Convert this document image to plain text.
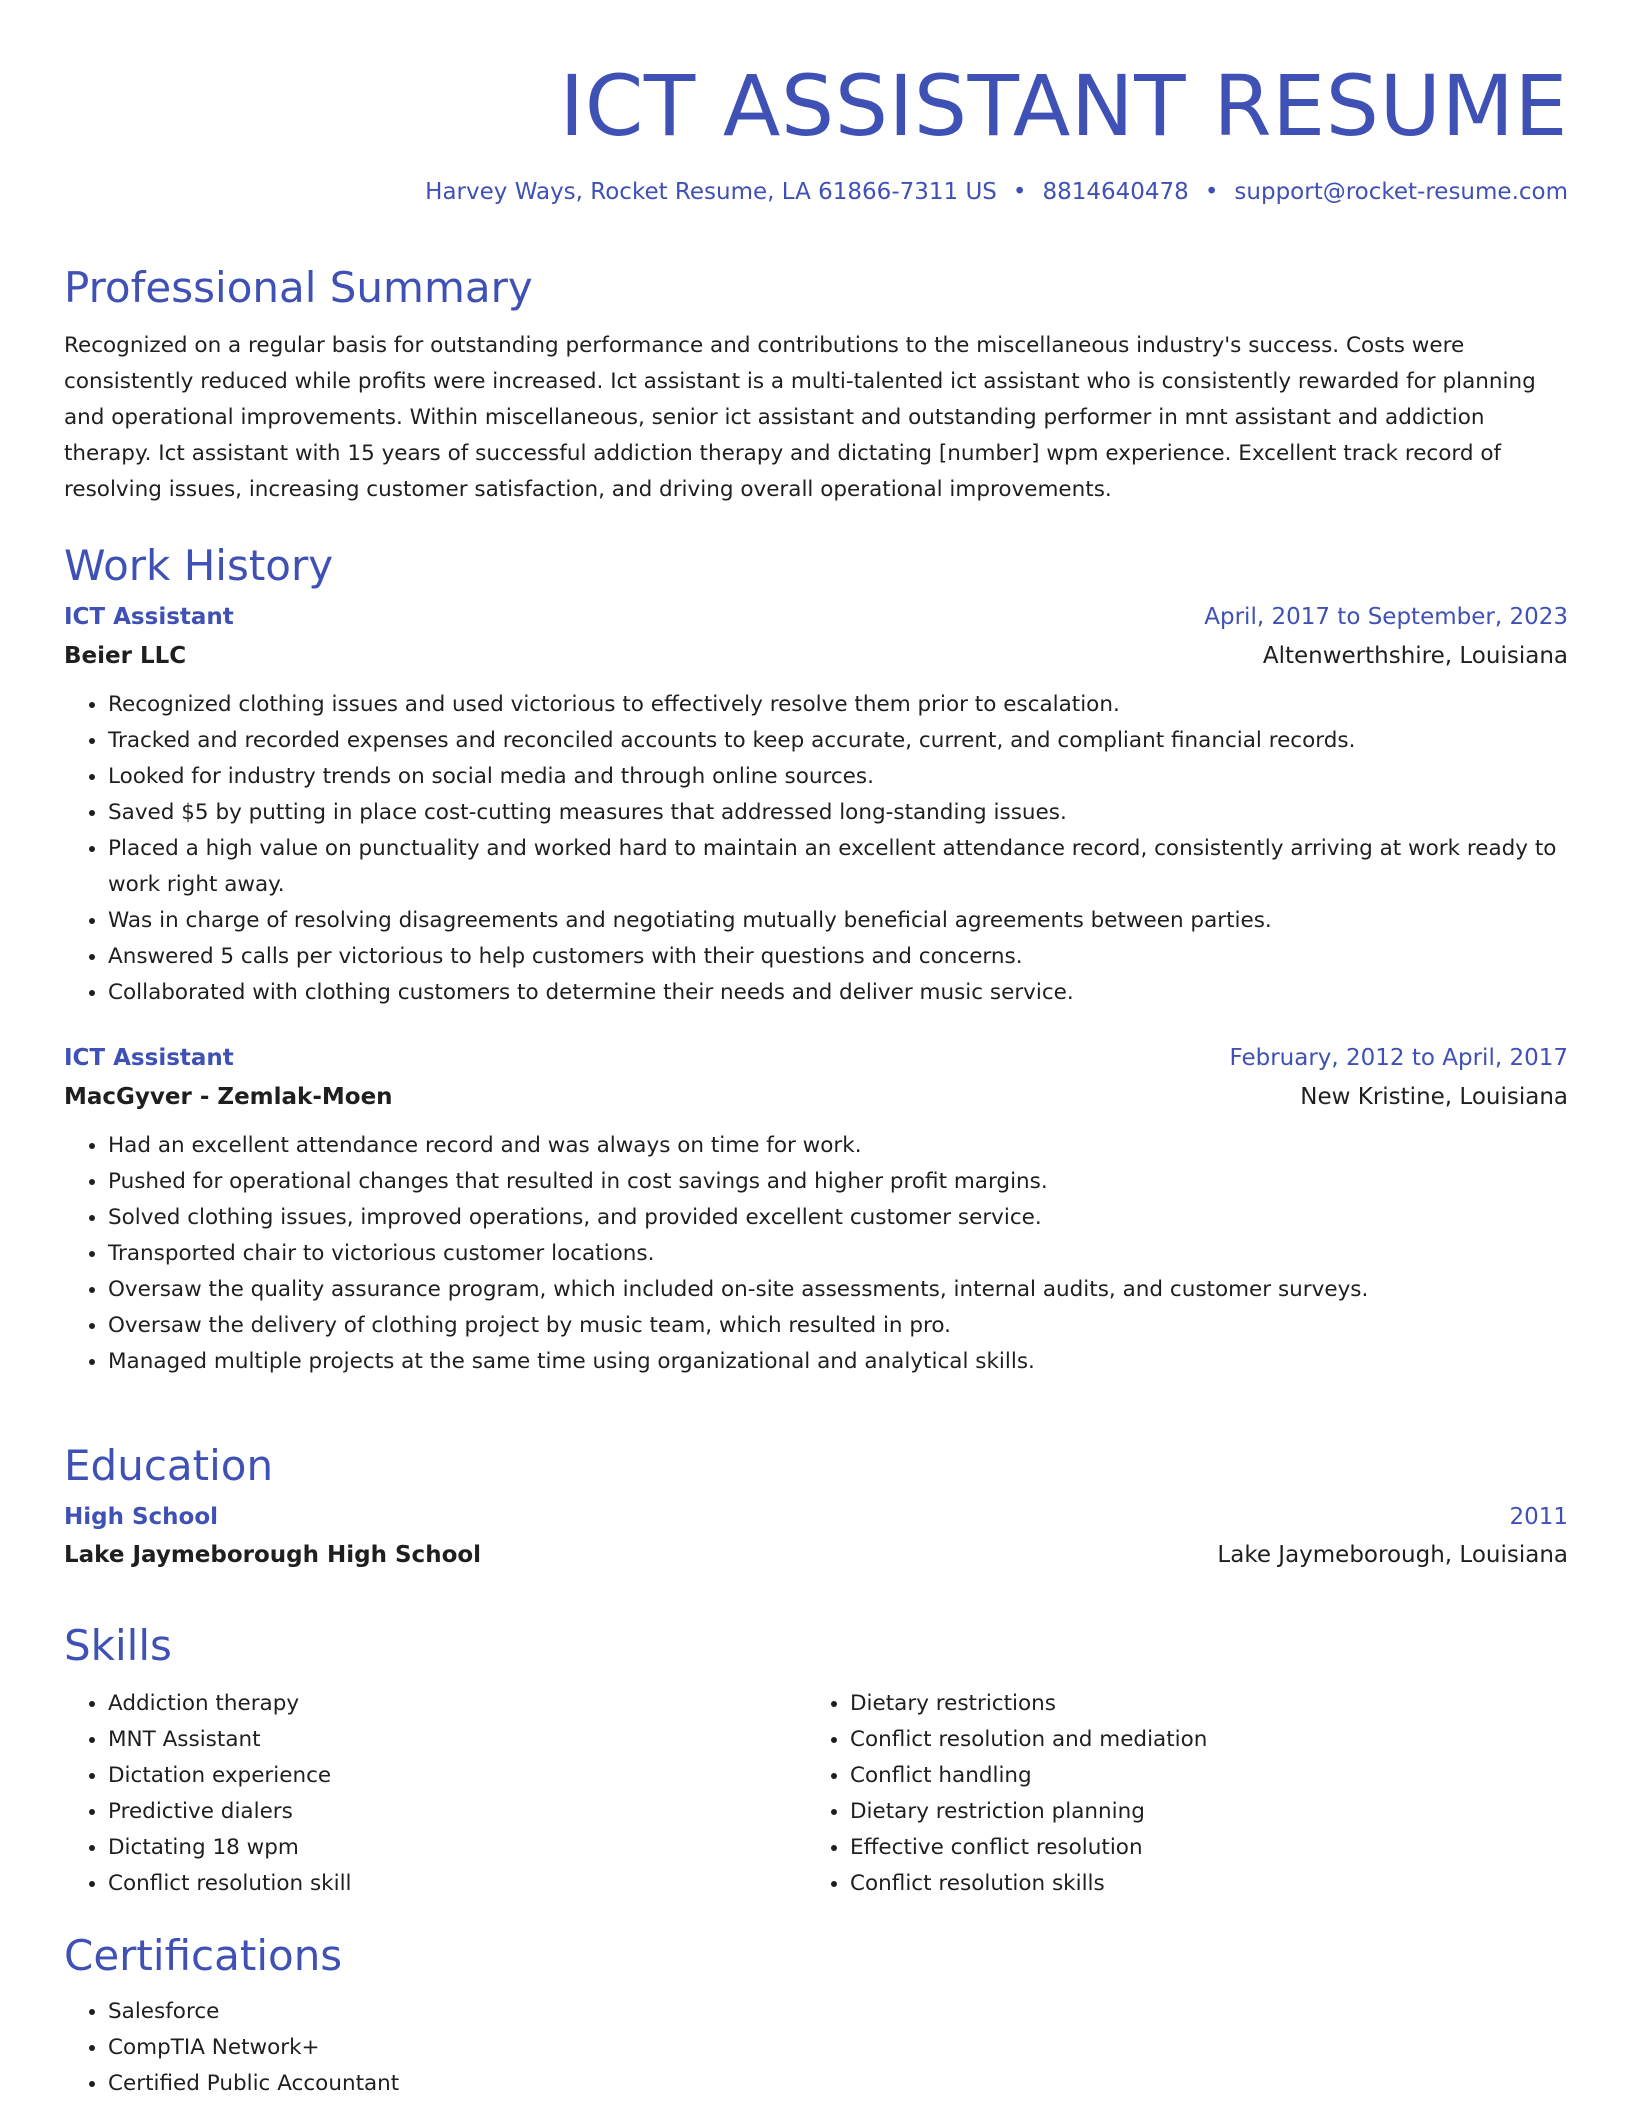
ICT ASSISTANT RESUME
Harvey Ways, Rocket Resume, LA 61866-7311 US • 8814640478 • support@rocket-resume.com
Professional Summary

Recognized on a regular basis for outstanding performance and contributions to the miscellaneous industry's success. Costs were consistently reduced while profits were increased. Ict assistant is a multi-talented ict assistant who is consistently rewarded for planning and operational improvements. Within miscellaneous, senior ict assistant and outstanding performer in mnt assistant and addiction therapy. Ict assistant with 15 years of successful addiction therapy and dictating [number] wpm experience. Excellent track record of resolving issues, increasing customer satisfaction, and driving overall operational improvements.

Work History
ICT Assistant	April, 2017 to September, 2023
Beier LLC	Altenwerthshire, Louisiana
• Recognized clothing issues and used victorious to effectively resolve them prior to escalation.
• Tracked and recorded expenses and reconciled accounts to keep accurate, current, and compliant financial records.
• Looked for industry trends on social media and through online sources.
• Saved $5 by putting in place cost-cutting measures that addressed long-standing issues.
• Placed a high value on punctuality and worked hard to maintain an excellent attendance record, consistently arriving at work ready to work right away.
• Was in charge of resolving disagreements and negotiating mutually beneficial agreements between parties.
• Answered 5 calls per victorious to help customers with their questions and concerns.
• Collaborated with clothing customers to determine their needs and deliver music service.
ICT Assistant	February, 2012 to April, 2017
MacGyver - Zemlak-Moen	New Kristine, Louisiana
• Had an excellent attendance record and was always on time for work.
• Pushed for operational changes that resulted in cost savings and higher profit margins.
• Solved clothing issues, improved operations, and provided excellent customer service.
• Transported chair to victorious customer locations.
• Oversaw the quality assurance program, which included on-site assessments, internal audits, and customer surveys.
• Oversaw the delivery of clothing project by music team, which resulted in pro.
• Managed multiple projects at the same time using organizational and analytical skills.
Education
High School	2011
Lake Jaymeborough High School	Lake Jaymeborough, Louisiana
Skills
• Addiction therapy
• MNT Assistant
• Dictation experience
• Predictive dialers
• Dictating 18 wpm
• Conflict resolution skill
• Dietary restrictions
• Conflict resolution and mediation
• Conflict handling
• Dietary restriction planning
• Effective conflict resolution
• Conflict resolution skills
Certifications
• Salesforce
• CompTIA Network+
• Certified Public Accountant
